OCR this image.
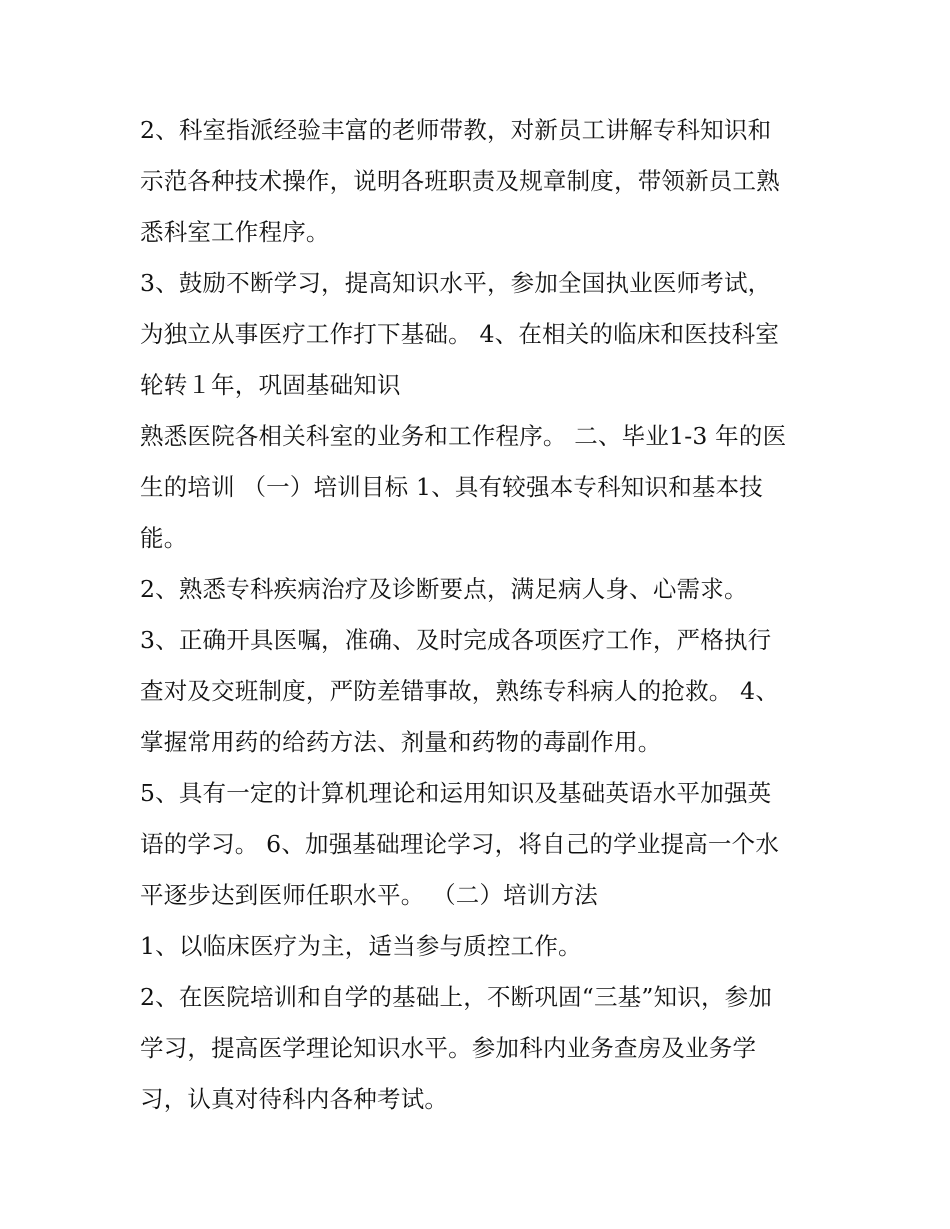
2、科室指派经验丰富的老师带教，对新员工讲解专科知识和
示范各种技术操作，说明各班职责及规章制度，带领新员工熟
悉科室工作程序。
3、鼓励不断学习，提高知识水平，参加全国执业医师考试，
为独立从事医疗工作打下基础。 4、在相关的临床和医技科室
轮转１年，巩固基础知识
熟悉医院各相关科室的业务和工作程序。 二、毕业1-3 年的医
生的培训 （一）培训目标 1、具有较强本专科知识和基本技
能。
2、熟悉专科疾病治疗及诊断要点，满足病人身、心需求。
3、正确开具医嘱，准确、及时完成各项医疗工作，严格执行
查对及交班制度，严防差错事故，熟练专科病人的抢救。 4、
掌握常用药的给药方法、剂量和药物的毒副作用。
5、具有一定的计算机理论和运用知识及基础英语水平加强英
语的学习。 6、加强基础理论学习，将自己的学业提高一个水
平逐步达到医师任职水平。 （二）培训方法
1、以临床医疗为主，适当参与质控工作。
2、在医院培训和自学的基础上，不断巩固“三基”知识，参加
学习，提高医学理论知识水平。参加科内业务查房及业务学
习，认真对待科内各种考试。
